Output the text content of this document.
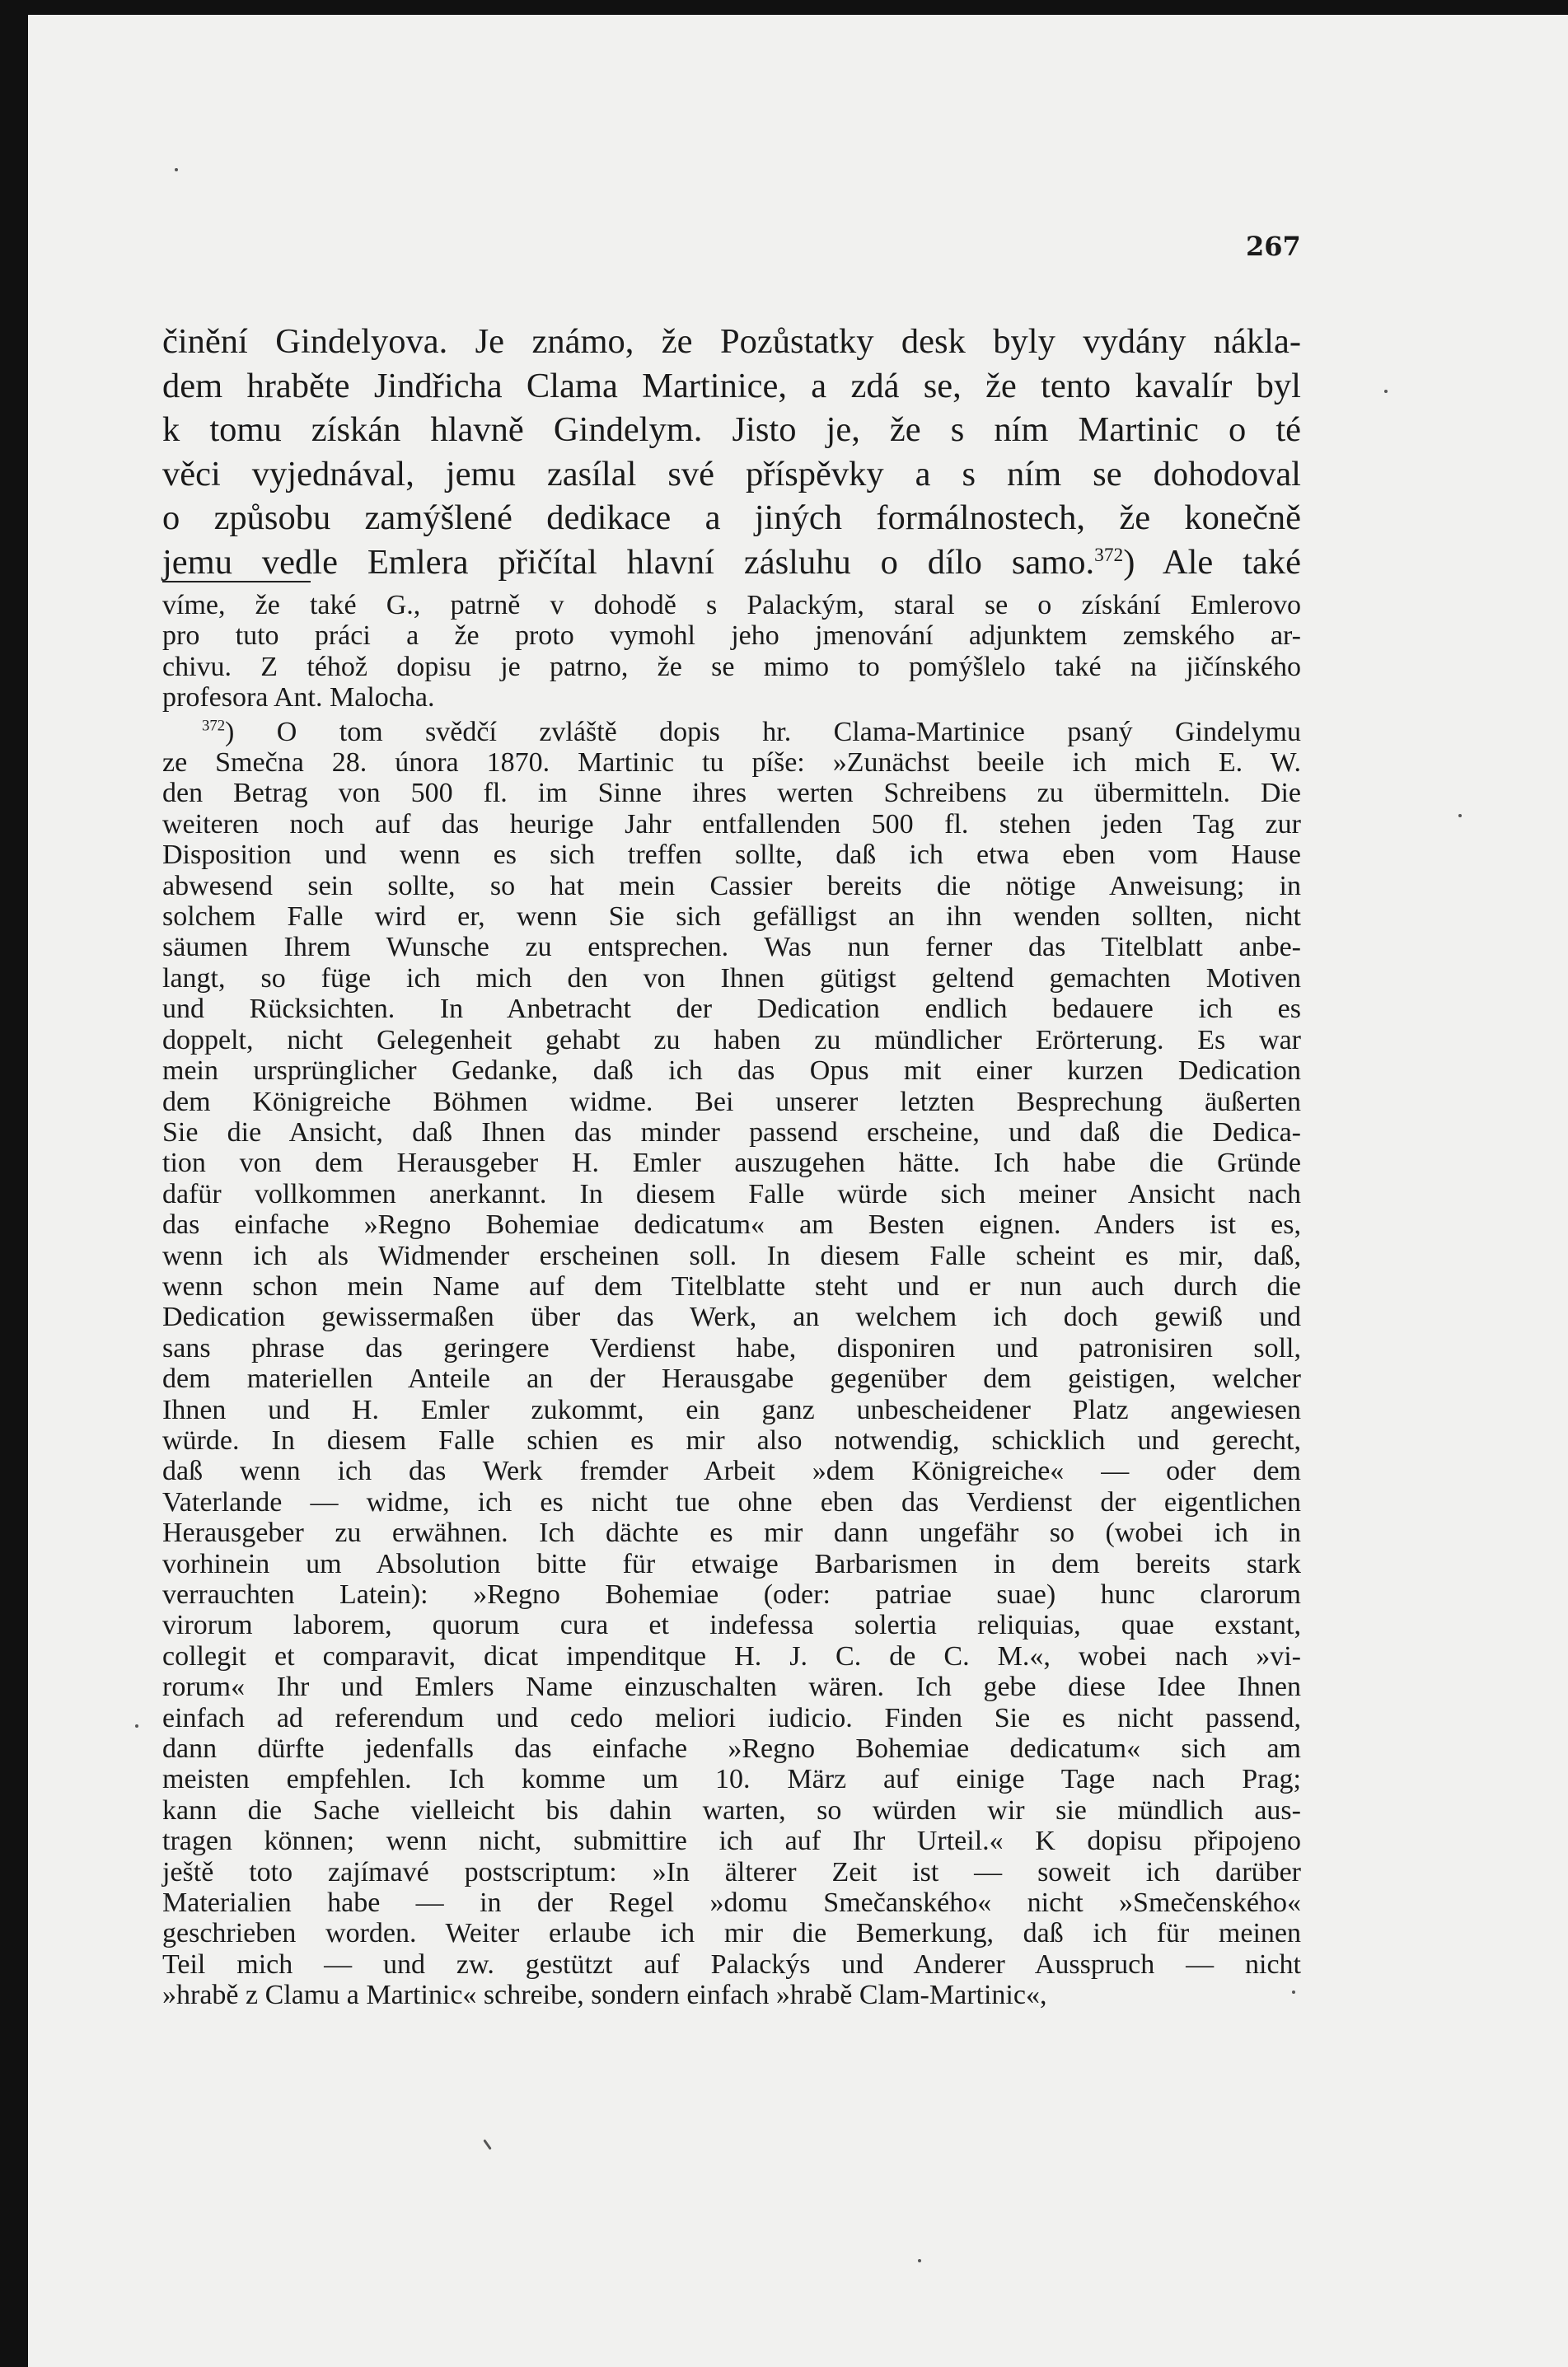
267
činění Gindelyova. Je známo, že Pozůstatky desk byly vydány nákla-
dem hraběte Jindřicha Clama Martinice, a zdá se, že tento kavalír byl
k tomu získán hlavně Gindelym. Jisto je, že s ním Martinic o té
věci vyjednával, jemu zasílal své příspěvky a s ním se dohodoval
o způsobu zamýšlené dedikace a jiných formálnostech, že konečně
jemu vedle Emlera přičítal hlavní zásluhu o dílo samo.$^{372}$) Ale také
víme, že také G., patrně v dohodě s Palackým, staral se o získání Emlerovo
pro tuto práci a že proto vymohl jeho jmenování adjunktem zemského ar-
chivu. Z téhož dopisu je patrno, že se mimo to pomýšlelo také na jičínského
profesora Ant. Malocha.
$^{372}$) O tom svědčí zvláště dopis hr. Clama-Martinice psaný Gindelymu
ze Smečna 28. února 1870. Martinic tu píše: »Zunächst beeile ich mich E. W.
den Betrag von 500 fl. im Sinne ihres werten Schreibens zu übermitteln. Die
weiteren noch auf das heurige Jahr entfallenden 500 fl. stehen jeden Tag zur
Disposition und wenn es sich treffen sollte, daß ich etwa eben vom Hause
abwesend sein sollte, so hat mein Cassier bereits die nötige Anweisung; in
solchem Falle wird er, wenn Sie sich gefälligst an ihn wenden sollten, nicht
säumen Ihrem Wunsche zu entsprechen. Was nun ferner das Titelblatt anbe-
langt, so füge ich mich den von Ihnen gütigst geltend gemachten Motiven
und Rücksichten. In Anbetracht der Dedication endlich bedauere ich es
doppelt, nicht Gelegenheit gehabt zu haben zu mündlicher Erörterung. Es war
mein ursprünglicher Gedanke, daß ich das Opus mit einer kurzen Dedication
dem Königreiche Böhmen widme. Bei unserer letzten Besprechung äußerten
Sie die Ansicht, daß Ihnen das minder passend erscheine, und daß die Dedica-
tion von dem Herausgeber H. Emler auszugehen hätte. Ich habe die Gründe
dafür vollkommen anerkannt. In diesem Falle würde sich meiner Ansicht nach
das einfache »Regno Bohemiae dedicatum« am Besten eignen. Anders ist es,
wenn ich als Widmender erscheinen soll. In diesem Falle scheint es mir, daß,
wenn schon mein Name auf dem Titelblatte steht und er nun auch durch die
Dedication gewissermaßen über das Werk, an welchem ich doch gewiß und
sans phrase das geringere Verdienst habe, disponiren und patronisiren soll,
dem materiellen Anteile an der Herausgabe gegenüber dem geistigen, welcher
Ihnen und H. Emler zukommt, ein ganz unbescheidener Platz angewiesen
würde. In diesem Falle schien es mir also notwendig, schicklich und gerecht,
daß wenn ich das Werk fremder Arbeit »dem Königreiche« — oder dem
Vaterlande — widme, ich es nicht tue ohne eben das Verdienst der eigentlichen
Herausgeber zu erwähnen. Ich dächte es mir dann ungefähr so (wobei ich in
vorhinein um Absolution bitte für etwaige Barbarismen in dem bereits stark
verrauchten Latein): »Regno Bohemiae (oder: patriae suae) hunc clarorum
virorum laborem, quorum cura et indefessa solertia reliquias, quae exstant,
collegit et comparavit, dicat impenditque H. J. C. de C. M.«, wobei nach »vi-
rorum« Ihr und Emlers Name einzuschalten wären. Ich gebe diese Idee Ihnen
einfach ad referendum und cedo meliori iudicio. Finden Sie es nicht passend,
dann dürfte jedenfalls das einfache »Regno Bohemiae dedicatum« sich am
meisten empfehlen. Ich komme um 10. März auf einige Tage nach Prag;
kann die Sache vielleicht bis dahin warten, so würden wir sie mündlich aus-
tragen können; wenn nicht, submittire ich auf Ihr Urteil.« K dopisu připojeno
ještě toto zajímavé postscriptum: »In älterer Zeit ist — soweit ich darüber
Materialien habe — in der Regel »domu Smečanského« nicht »Smečenského«
geschrieben worden. Weiter erlaube ich mir die Bemerkung, daß ich für meinen
Teil mich — und zw. gestützt auf Palackýs und Anderer Ausspruch — nicht
»hrabě z Clamu a Martinic« schreibe, sondern einfach »hrabě Clam-Martinic«,
